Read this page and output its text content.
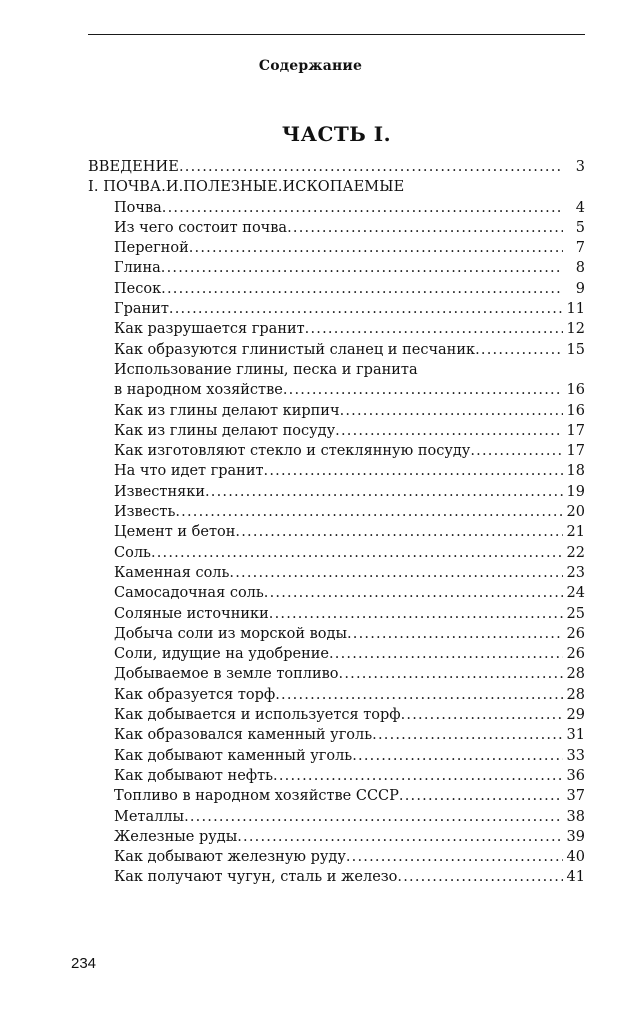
Содержание
ЧАСТЬ I.
ВВЕДЕНИЕ .....	3
I. ПОЧВА.И.ПОЛЕЗНЫЕ.ИСКОПАЕМЫЕ
Почва .....	4
Из чего состоит почва .....	5
Перегной .....	7
Глина .....	8
Песок .....	9
Гранит .....	11
Как разрушается гранит .....	12
Как образуются глинистый сланец и песчаник .....	15
Использование глины, песка и гранита
в народном хозяйстве .....	16
Как из глины делают кирпич .....	16
Как из глины делают посуду .....	17
Как изготовляют стекло и стеклянную посуду .....	17
На что идет гранит .....	18
Известняки .....	19
Известь .....	20
Цемент и бетон .....	21
Соль .....	22
Каменная соль .....	23
Самосадочная соль .....	24
Соляные источники .....	25
Добыча соли из морской воды .....	26
Соли, идущие на удобрение .....	26
Добываемое в земле топливо .....	28
Как образуется торф .....	28
Как добывается и используется торф .....	29
Как образовался каменный уголь .....	31
Как добывают каменный уголь .....	33
Как добывают нефть .....	36
Топливо в народном хозяйстве СССР .....	37
Металлы .....	38
Железные руды .....	39
Как добывают железную руду .....	40
Как получают чугун, сталь и железо .....	41
234
